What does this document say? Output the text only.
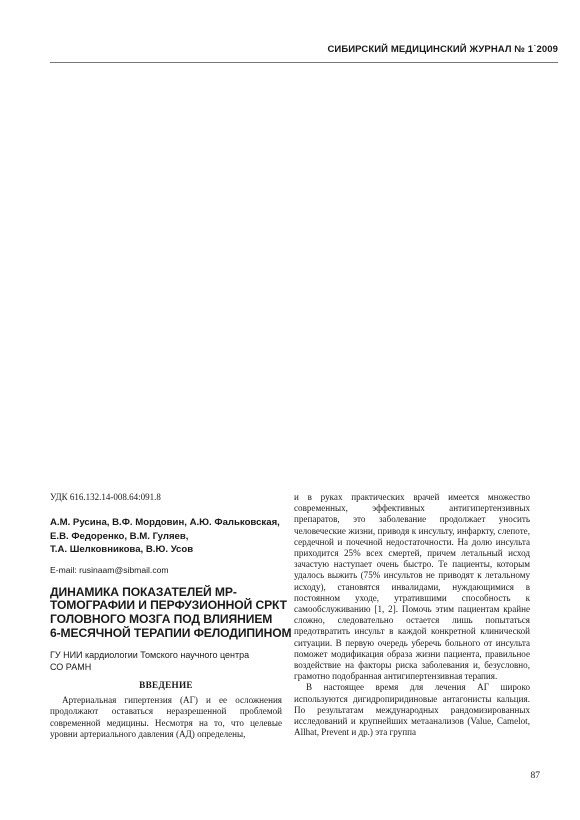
СИБИРСКИЙ МЕДИЦИНСКИЙ ЖУРНАЛ № 1˙2009
УДК 616.132.14-008.64:091.8
А.М. Русина, В.Ф. Мордовин, А.Ю. Фальковская,
Е.В. Федоренко, В.М. Гуляев,
Т.А. Шелковникова, В.Ю. Усов
E-mail: rusinaam@sibmail.com
ДИНАМИКА ПОКАЗАТЕЛЕЙ МР-
ТОМОГРАФИИ И ПЕРФУЗИОННОЙ СРКТ
ГОЛОВНОГО МОЗГА ПОД ВЛИЯНИЕМ
6-МЕСЯЧНОЙ ТЕРАПИИ ФЕЛОДИПИНОМ
ГУ НИИ кардиологии Томского научного центра
СО РАМН
ВВЕДЕНИЕ

Артериальная гипертензия (АГ) и ее осложнения продолжают оставаться неразрешенной проблемой современной медицины. Несмотря на то, что целевые уровни артериального давления (АД) определены,

и в руках практических врачей имеется множество современных, эффективных антигипертензивных препаратов, это заболевание продолжает уносить человеческие жизни, приводя к инсульту, инфаркту, слепоте, сердечной и почечной недостаточности. На долю инсульта приходится 25% всех смертей, причем летальный исход зачастую наступает очень быстро. Те пациенты, которым удалось выжить (75% инсультов не приводят к летальному исходу), становятся инвалидами, нуждающимися в постоянном уходе, утратившими способность к самообслуживанию [1, 2]. Помочь этим пациентам крайне сложно, следовательно остается лишь попытаться предотвратить инсульт в каждой конкретной клинической ситуации. В первую очередь уберечь больного от инсульта поможет модификация образа жизни пациента, правильное воздействие на факторы риска заболевания и, безусловно, грамотно подобранная антигипертензивная терапия.

В настоящее время для лечения АГ широко используются дигидропиридиновые антагонисты кальция. По результатам международных рандомизированных исследований и крупнейших метаанализов (Value, Camelot, Allhat, Prevent и др.) эта группа

87
